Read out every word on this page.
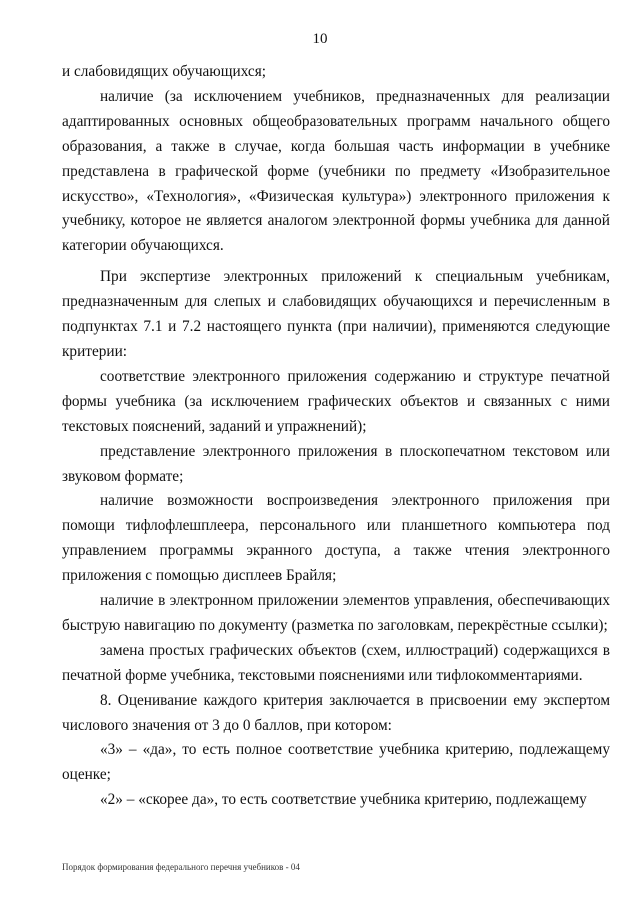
10

и слабовидящих обучающихся;

наличие (за исключением учебников, предназначенных для реализации адаптированных основных общеобразовательных программ начального общего образования, а также в случае, когда большая часть информации в учебнике представлена в графической форме (учебники по предмету «Изобразительное искусство», «Технология», «Физическая культура») электронного приложения к учебнику, которое не является аналогом электронной формы учебника для данной категории обучающихся.

При экспертизе электронных приложений к специальным учебникам, предназначенным для слепых и слабовидящих обучающихся и перечисленным в подпунктах 7.1 и 7.2 настоящего пункта (при наличии), применяются следующие критерии:

соответствие электронного приложения содержанию и структуре печатной формы учебника (за исключением графических объектов и связанных с ними текстовых пояснений, заданий и упражнений);

представление электронного приложения в плоскопечатном текстовом или звуковом формате;

наличие возможности воспроизведения электронного приложения при помощи тифлофлешплеера, персонального или планшетного компьютера под управлением программы экранного доступа, а также чтения электронного приложения с помощью дисплеев Брайля;

наличие в электронном приложении элементов управления, обеспечивающих быструю навигацию по документу (разметка по заголовкам, перекрёстные ссылки);

замена простых графических объектов (схем, иллюстраций) содержащихся в печатной форме учебника, текстовыми пояснениями или тифлокомментариями.

8. Оценивание каждого критерия заключается в присвоении ему экспертом числового значения от 3 до 0 баллов, при котором:

«3» – «да», то есть полное соответствие учебника критерию, подлежащему оценке;

«2» – «скорее да», то есть соответствие учебника критерию, подлежащему

Порядок формирования федерального перечня учебников - 04
